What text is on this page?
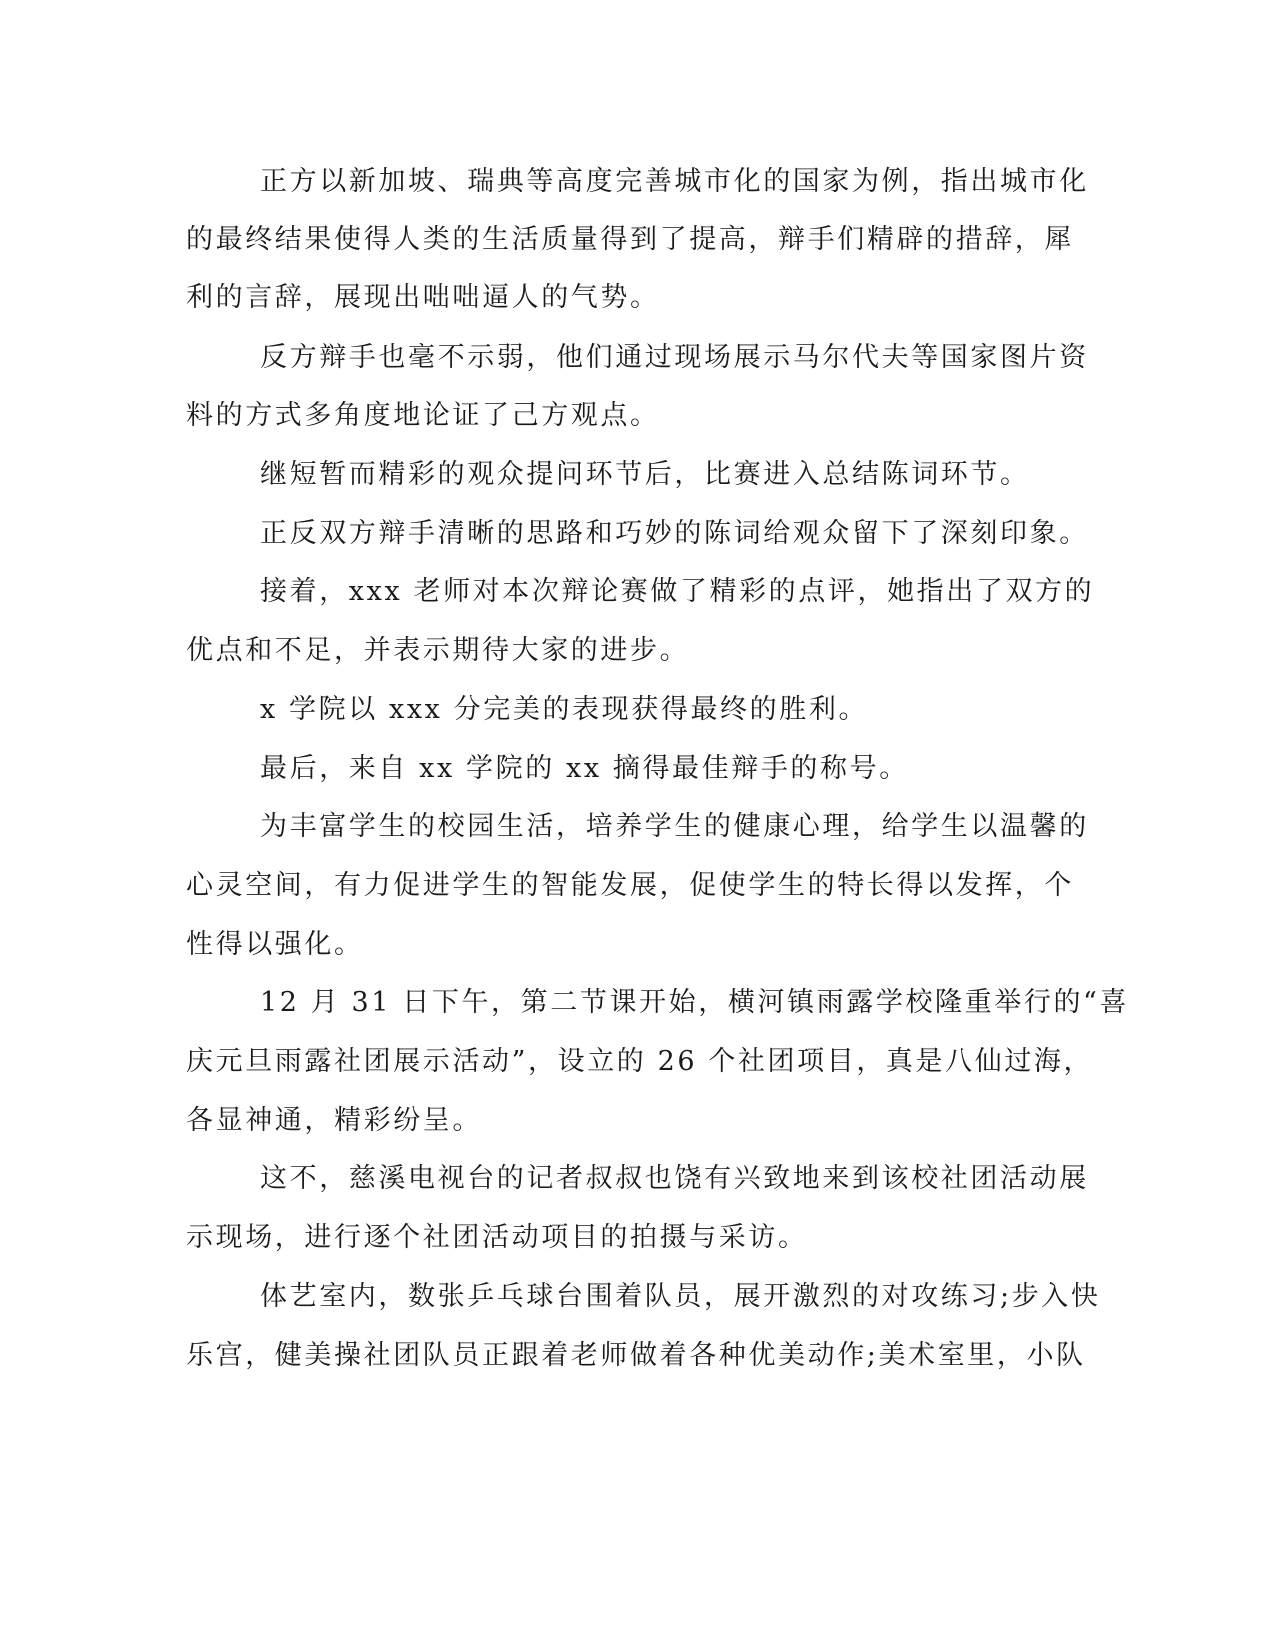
正方以新加坡、瑞典等高度完善城市化的国家为例，指出城市化
的最终结果使得人类的生活质量得到了提高，辩手们精辟的措辞，犀
利的言辞，展现出咄咄逼人的气势。
反方辩手也毫不示弱，他们通过现场展示马尔代夫等国家图片资
料的方式多角度地论证了己方观点。
继短暂而精彩的观众提问环节后，比赛进入总结陈词环节。
正反双方辩手清晰的思路和巧妙的陈词给观众留下了深刻印象。
接着，xxx 老师对本次辩论赛做了精彩的点评，她指出了双方的
优点和不足，并表示期待大家的进步。
x 学院以 xxx 分完美的表现获得最终的胜利。
最后，来自 xx 学院的 xx 摘得最佳辩手的称号。
为丰富学生的校园生活，培养学生的健康心理，给学生以温馨的
心灵空间，有力促进学生的智能发展，促使学生的特长得以发挥，个
性得以强化。
12 月 31 日下午，第二节课开始，横河镇雨露学校隆重举行的“喜
庆元旦雨露社团展示活动”，设立的 26 个社团项目，真是八仙过海，
各显神通，精彩纷呈。
这不，慈溪电视台的记者叔叔也饶有兴致地来到该校社团活动展
示现场，进行逐个社团活动项目的拍摄与采访。
体艺室内，数张乒乓球台围着队员，展开激烈的对攻练习;步入快
乐宫，健美操社团队员正跟着老师做着各种优美动作;美术室里，小队
